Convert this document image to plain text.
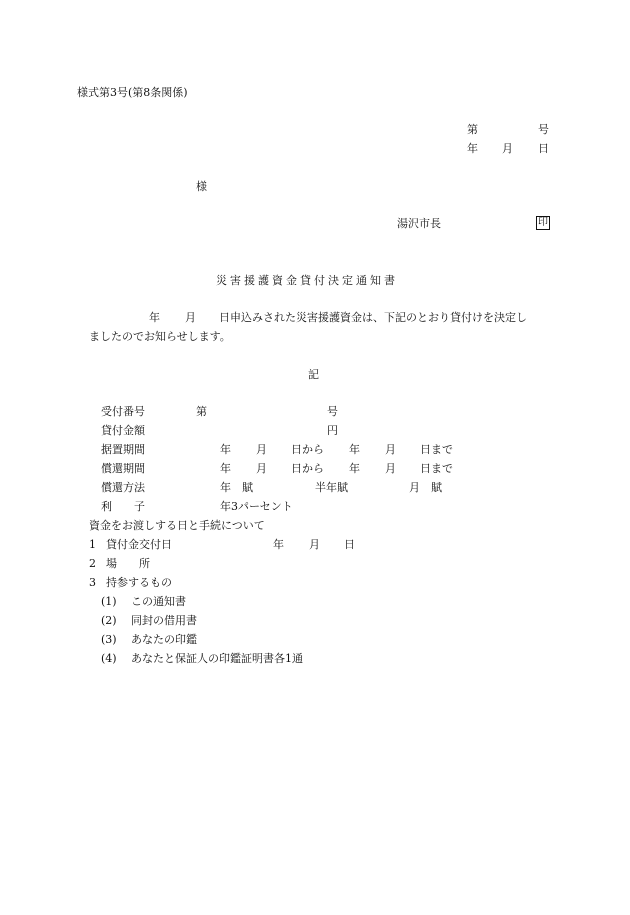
様式第3号(第8条関係)
第	号
年 月 日
様
湯沢市長	印
災害援護資金貸付決定通知書
年 月 日申込みされた災害援護資金は、下記のとおり貸付けを決定し
ましたのでお知らせします。
記
受付番号	第	号
貸付金額	円
据置期間	年 月 日から 年 月 日まで
償還期間	年 月 日から 年 月 日まで
償還方法	年　賦	半年賦	月　賦
利　　子	年3パーセント
資金をお渡しする日と手続について
1 貸付金交付日	年 月 日
2 場　　所
3 持参するもの
(1) この通知書
(2) 同封の借用書
(3) あなたの印鑑
(4) あなたと保証人の印鑑証明書各1通
